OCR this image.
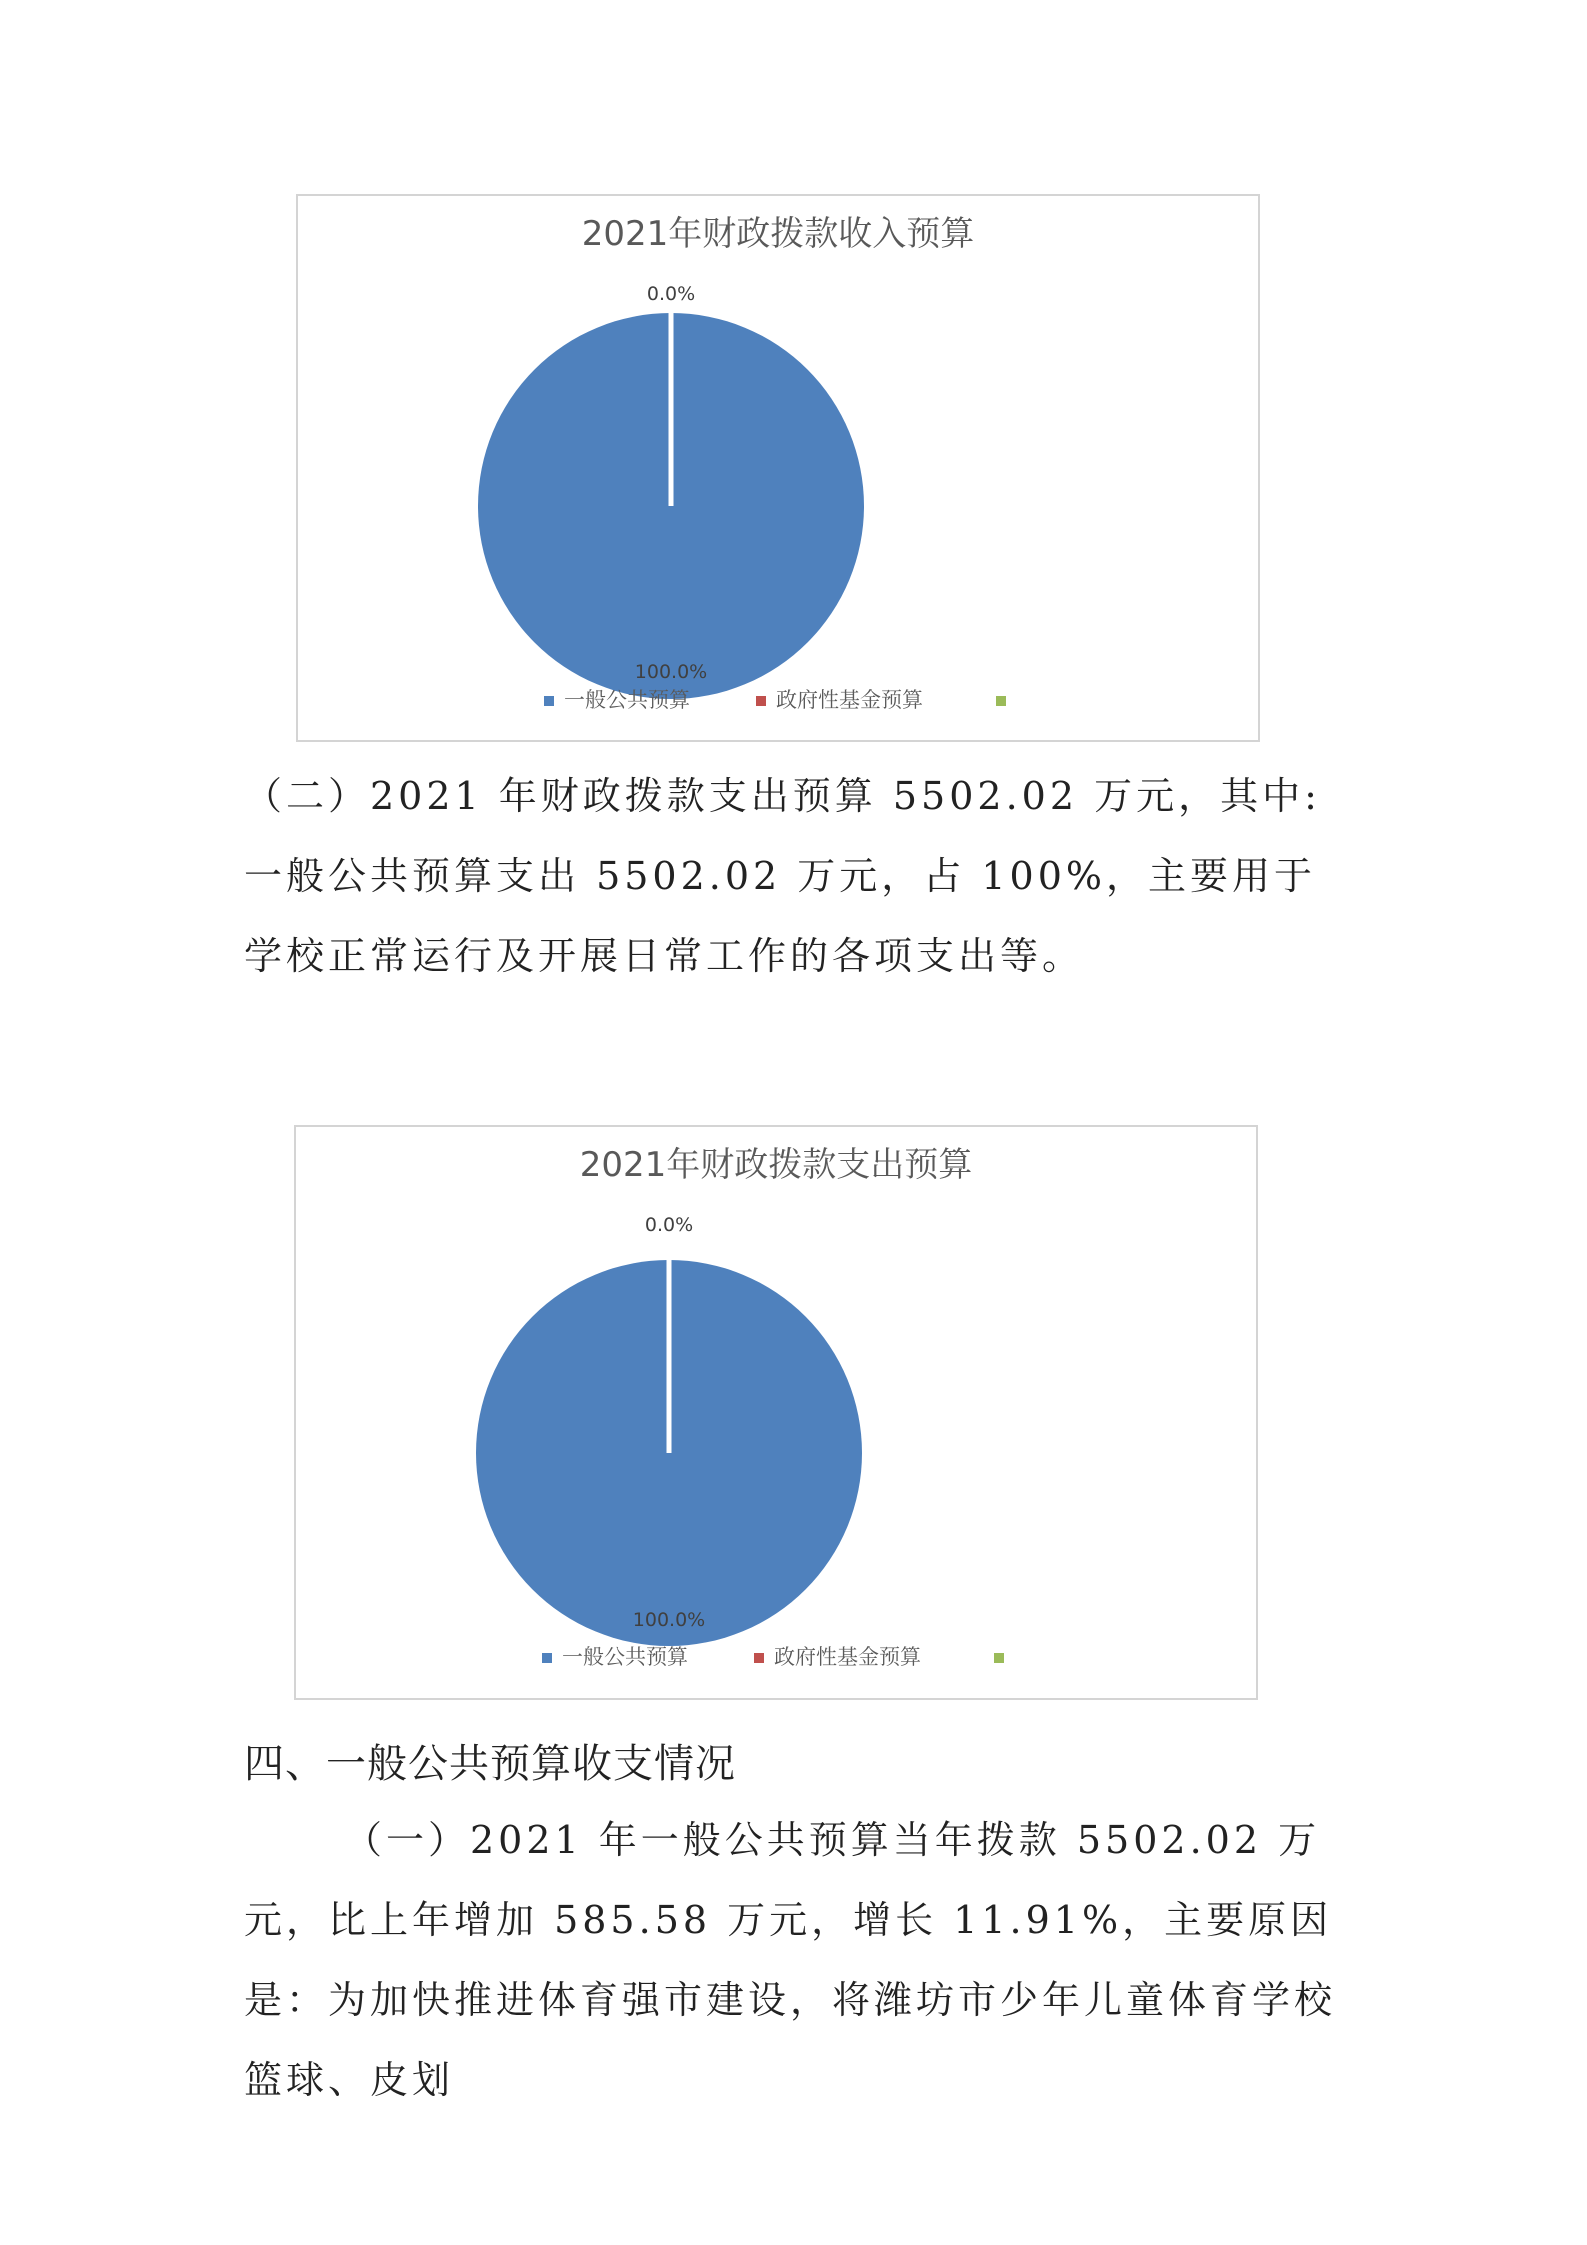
2021年财政拨款收入预算
0.0%
100.0%
一般公共预算	政府性基金预算

（二）2021 年财政拨款支出预算 5502.02 万元，其中:一般公共预算支出 5502.02 万元，占 100%，主要用于学校正常运行及开展日常工作的各项支出等。

2021年财政拨款支出预算
0.0%
100.0%
一般公共预算	政府性基金预算
四、一般公共预算收支情况

（一）2021 年一般公共预算当年拨款 5502.02 万元，比上年增加 585.58 万元，增长 11.91%，主要原因是：为加快推进体育强市建设，将潍坊市少年儿童体育学校篮球、皮划
